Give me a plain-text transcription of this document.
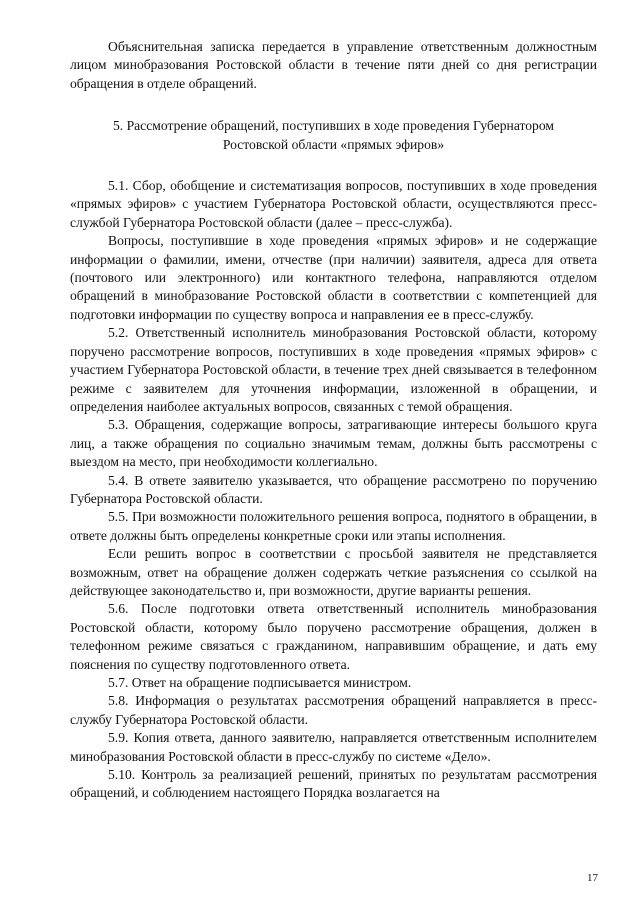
Объяснительная записка передается в управление ответственным должностным лицом минобразования Ростовской области в течение пяти дней со дня регистрации обращения в отделе обращений.

5. Рассмотрение обращений, поступивших в ходе проведения Губернатором Ростовской области «прямых эфиров»

5.1. Сбор, обобщение и систематизация вопросов, поступивших в ходе проведения «прямых эфиров» с участием Губернатора Ростовской области, осуществляются пресс-службой Губернатора Ростовской области (далее – пресс-служба).

Вопросы, поступившие в ходе проведения «прямых эфиров» и не содержащие информации о фамилии, имени, отчестве (при наличии) заявителя, адреса для ответа (почтового или электронного) или контактного телефона, направляются отделом обращений в минобразование Ростовской области в соответствии с компетенцией для подготовки информации по существу вопроса и направления ее в пресс-службу.

5.2. Ответственный исполнитель минобразования Ростовской области, которому поручено рассмотрение вопросов, поступивших в ходе проведения «прямых эфиров» с участием Губернатора Ростовской области, в течение трех дней связывается в телефонном режиме с заявителем для уточнения информации, изложенной в обращении, и определения наиболее актуальных вопросов, связанных с темой обращения.

5.3. Обращения, содержащие вопросы, затрагивающие интересы большого круга лиц, а также обращения по социально значимым темам, должны быть рассмотрены с выездом на место, при необходимости коллегиально.

5.4. В ответе заявителю указывается, что обращение рассмотрено по поручению Губернатора Ростовской области.

5.5. При возможности положительного решения вопроса, поднятого в обращении, в ответе должны быть определены конкретные сроки или этапы исполнения.

Если решить вопрос в соответствии с просьбой заявителя не представляется возможным, ответ на обращение должен содержать четкие разъяснения со ссылкой на действующее законодательство и, при возможности, другие варианты решения.

5.6. После подготовки ответа ответственный исполнитель минобразования Ростовской области, которому было поручено рассмотрение обращения, должен в телефонном режиме связаться с гражданином, направившим обращение, и дать ему пояснения по существу подготовленного ответа.

5.7. Ответ на обращение подписывается министром.

5.8. Информация о результатах рассмотрения обращений направляется в пресс-службу Губернатора Ростовской области.

5.9. Копия ответа, данного заявителю, направляется ответственным исполнителем минобразования Ростовской области в пресс-службу по системе «Дело».

5.10. Контроль за реализацией решений, принятых по результатам рассмотрения обращений, и соблюдением настоящего Порядка возлагается на

17
